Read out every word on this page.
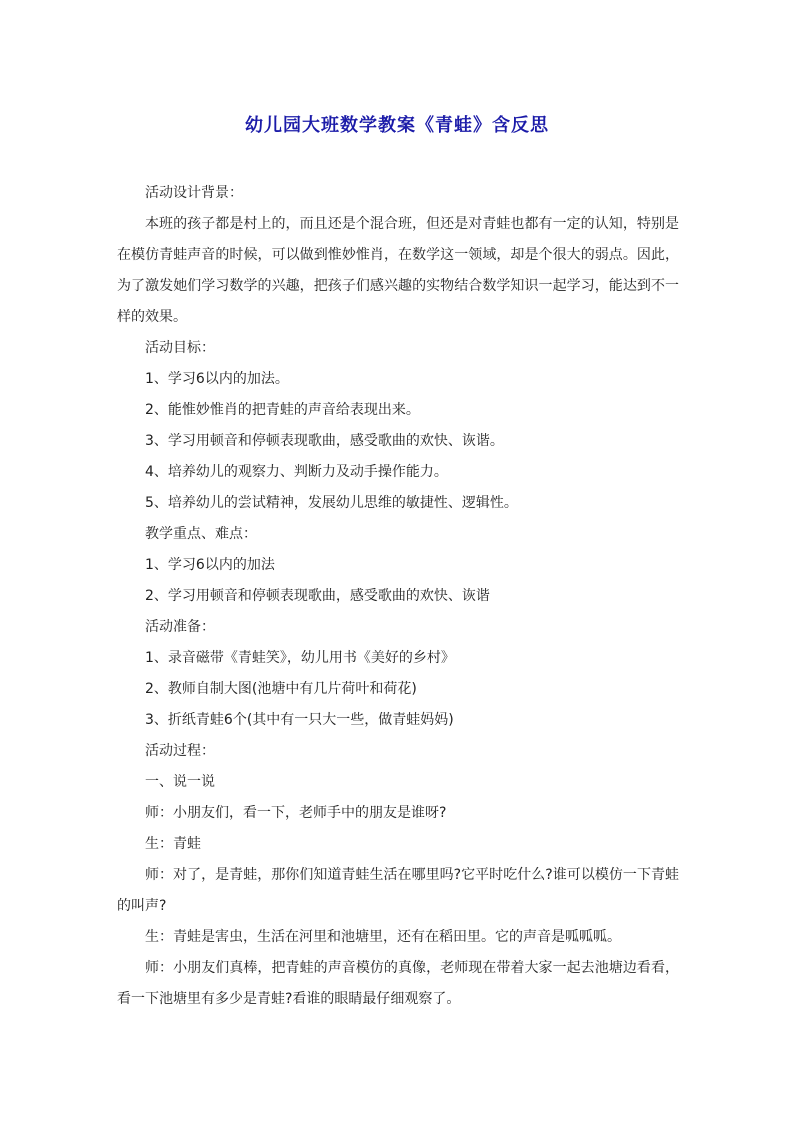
幼儿园大班数学教案《青蛙》含反思

活动设计背景：

本班的孩子都是村上的，而且还是个混合班，但还是对青蛙也都有一定的认知，特别是在模仿青蛙声音的时候，可以做到惟妙惟肖，在数学这一领域，却是个很大的弱点。因此，为了激发她们学习数学的兴趣，把孩子们感兴趣的实物结合数学知识一起学习，能达到不一样的效果。

活动目标：

1、学习6以内的加法。

2、能惟妙惟肖的把青蛙的声音给表现出来。

3、学习用顿音和停顿表现歌曲，感受歌曲的欢快、诙谐。

4、培养幼儿的观察力、判断力及动手操作能力。

5、培养幼儿的尝试精神，发展幼儿思维的敏捷性、逻辑性。

教学重点、难点：

1、学习6以内的加法

2、学习用顿音和停顿表现歌曲，感受歌曲的欢快、诙谐

活动准备：

1、录音磁带《青蛙笑》，幼儿用书《美好的乡村》

2、教师自制大图(池塘中有几片荷叶和荷花)

3、折纸青蛙6个(其中有一只大一些，做青蛙妈妈)

活动过程：

一、说一说

师：小朋友们，看一下，老师手中的朋友是谁呀?

生：青蛙

师：对了，是青蛙，那你们知道青蛙生活在哪里吗?它平时吃什么?谁可以模仿一下青蛙的叫声?

生：青蛙是害虫，生活在河里和池塘里，还有在稻田里。它的声音是呱呱呱。

师：小朋友们真棒，把青蛙的声音模仿的真像，老师现在带着大家一起去池塘边看看，看一下池塘里有多少是青蛙?看谁的眼睛最仔细观察了。
